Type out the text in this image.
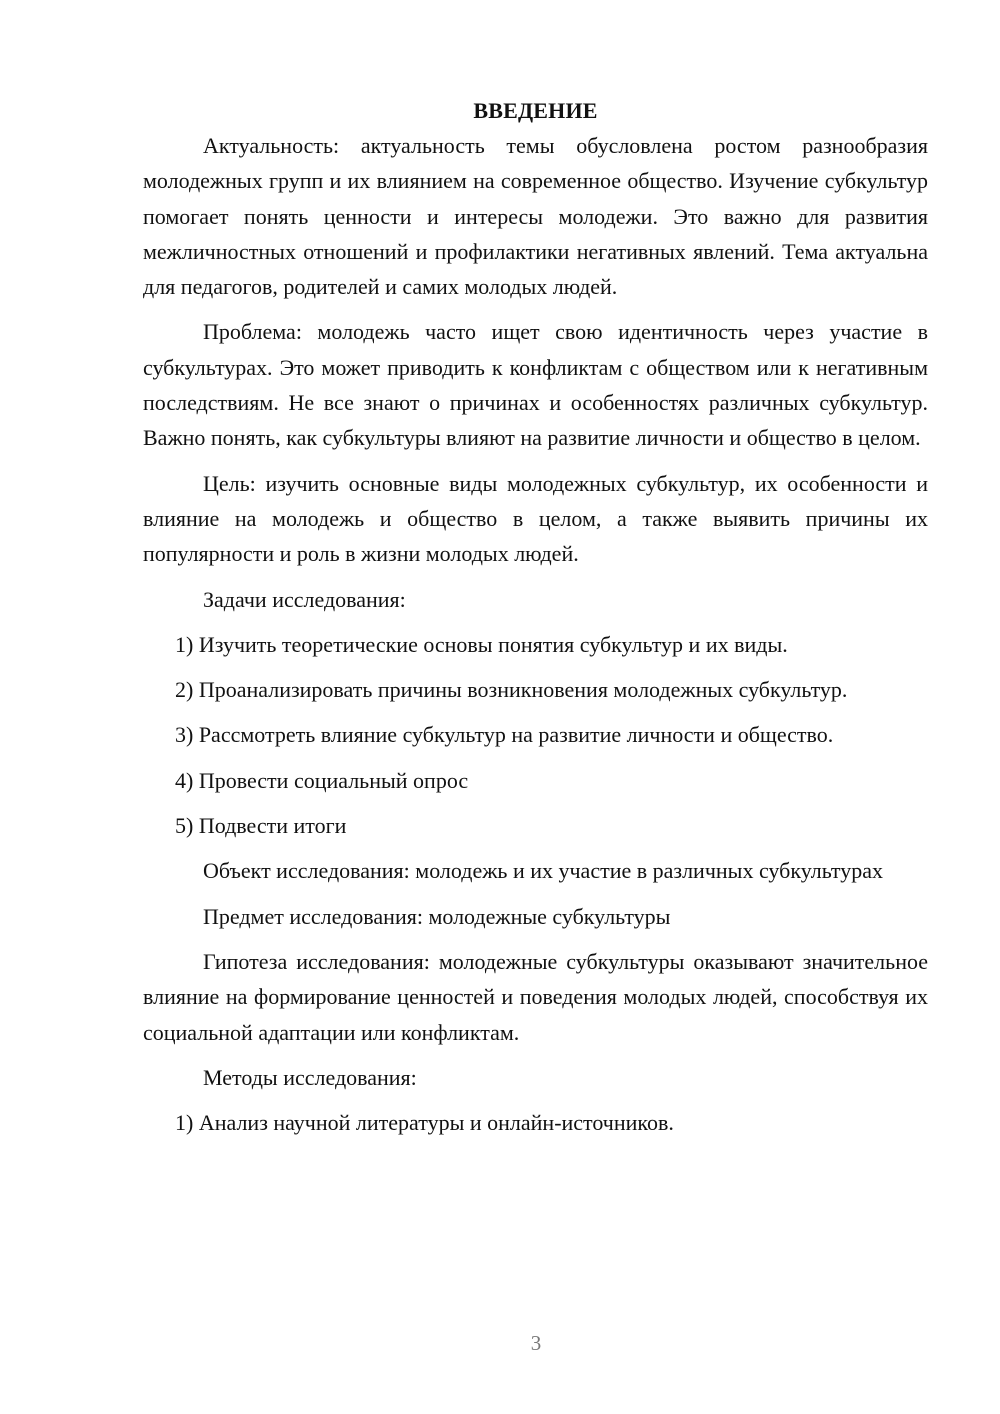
ВВЕДЕНИЕ

Актуальность: актуальность темы обусловлена ростом разнообразия молодежных групп и их влиянием на современное общество. Изучение субкультур помогает понять ценности и интересы молодежи. Это важно для развития межличностных отношений и профилактики негативных явлений. Тема актуальна для педагогов, родителей и самих молодых людей.

Проблема: молодежь часто ищет свою идентичность через участие в субкультурах. Это может приводить к конфликтам с обществом или к негативным последствиям. Не все знают о причинах и особенностях различных субкультур. Важно понять, как субкультуры влияют на развитие личности и общество в целом.

Цель: изучить основные виды молодежных субкультур, их особенности и влияние на молодежь и общество в целом, а также выявить причины их популярности и роль в жизни молодых людей.

Задачи исследования:

1) Изучить теоретические основы понятия субкультур и их виды.

2) Проанализировать причины возникновения молодежных субкультур.

3) Рассмотреть влияние субкультур на развитие личности и общество.

4) Провести социальный опрос

5) Подвести итоги

Объект исследования: молодежь и их участие в различных субкультурах

Предмет исследования: молодежные субкультуры

Гипотеза исследования: молодежные субкультуры оказывают значительное влияние на формирование ценностей и поведения молодых людей, способствуя их социальной адаптации или конфликтам.

Методы исследования:

1) Анализ научной литературы и онлайн-источников.

3
